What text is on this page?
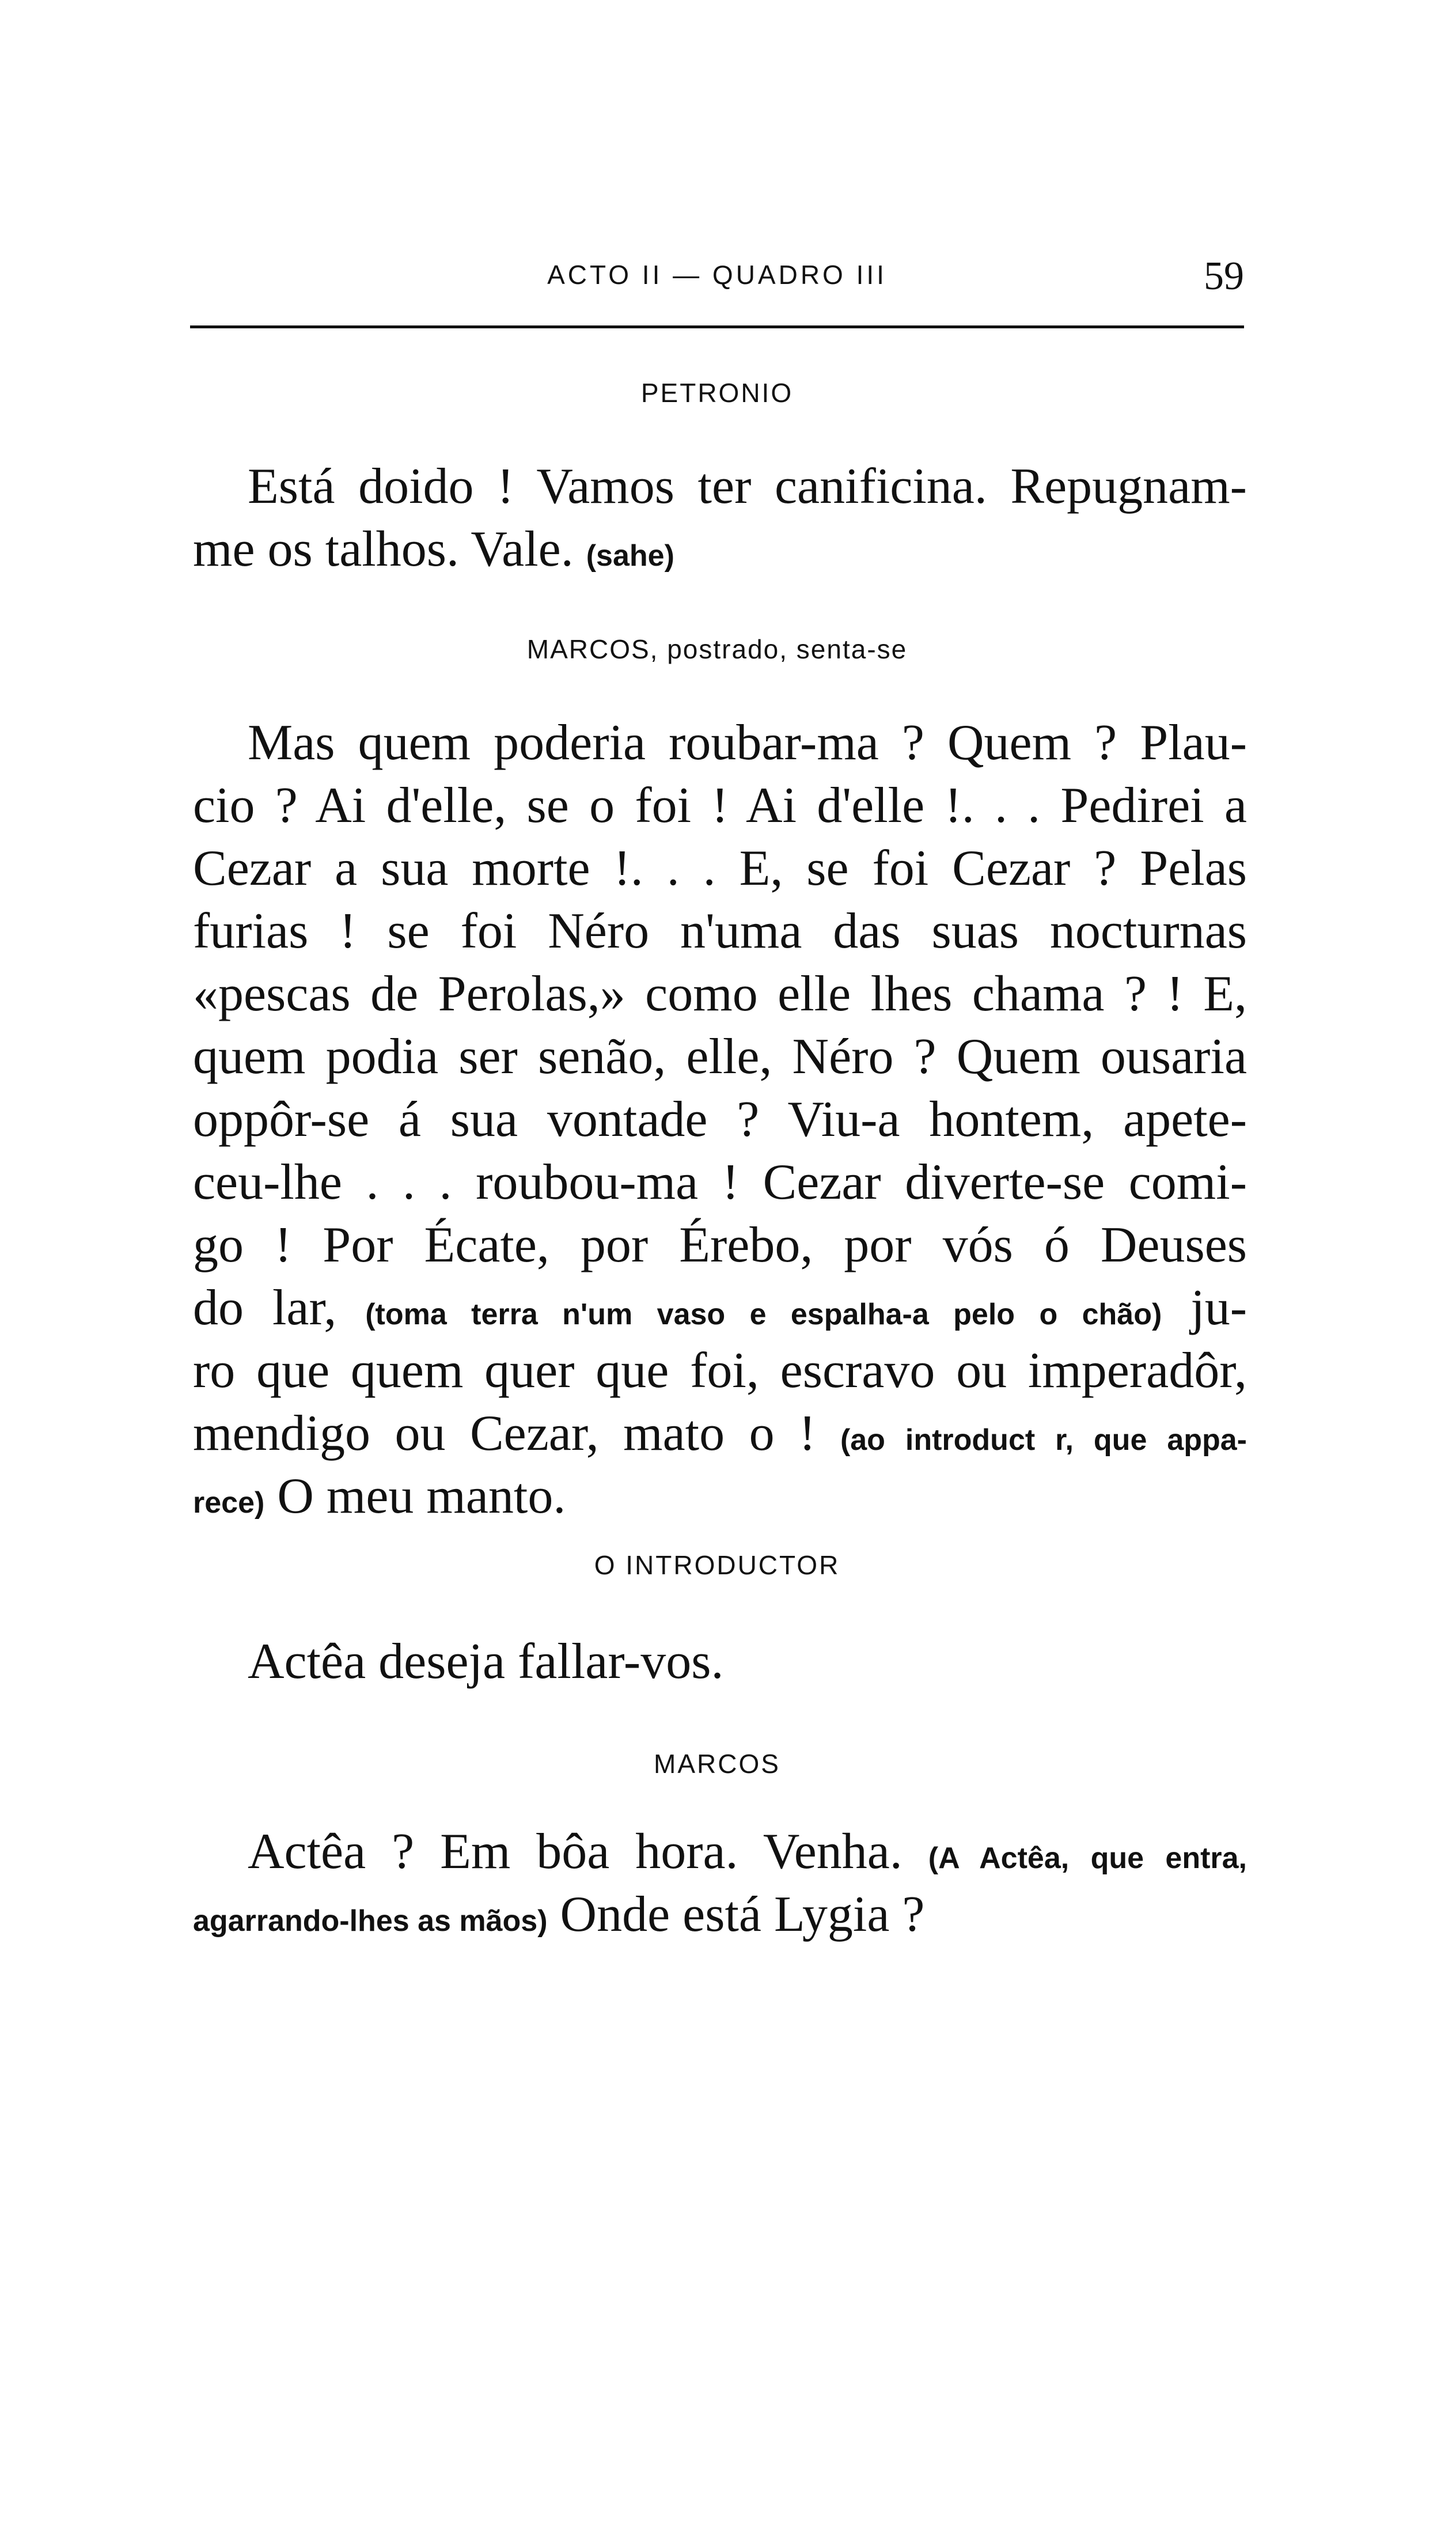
ACTO II — QUADRO III	59
PETRONIO
Está doido ! Vamos ter canificina. Repugnam-
me os talhos. Vale. (sahe)
MARCOS, postrado, senta-se
Mas quem poderia roubar-ma ? Quem ? Plau-
cio ? Ai d'elle, se o foi ! Ai d'elle !. . . Pedirei a
Cezar a sua morte !. . . E, se foi Cezar ? Pelas
furias ! se foi Néro n'uma das suas nocturnas
«pescas de Perolas,» como elle lhes chama ? ! E,
quem podia ser senão, elle, Néro ? Quem ousaria
oppôr-se á sua vontade ? Viu-a hontem, apete-
ceu-lhe . . . roubou-ma ! Cezar diverte-se comi-
go ! Por Écate, por Érebo, por vós ó Deuses
do lar, (toma terra n'um vaso e espalha-a pelo o chão) ju-
ro que quem quer que foi, escravo ou imperadôr,
mendigo ou Cezar, mato o ! (ao introduct r, que appa-
rece) O meu manto.
O INTRODUCTOR
Actêa deseja fallar-vos.
MARCOS
Actêa ? Em bôa hora. Venha. (A Actêa, que entra,
agarrando-lhes as mãos) Onde está Lygia ?
